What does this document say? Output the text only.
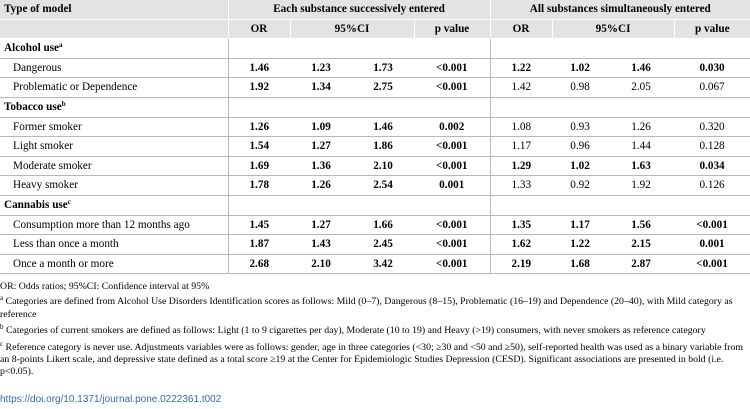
Type of model	Each substance successively entered				All substances simultaneously entered			
	OR	95%CI		p value	OR	95%CI		p value
Alcohol use$^a$								
Dangerous	1.46	1.23	1.73	<0.001	1.22	1.02	1.46	0.030
Problematic or Dependence	1.92	1.34	2.75	<0.001	1.42	0.98	2.05	0.067
Tobacco use$^b$								
Former smoker	1.26	1.09	1.46	0.002	1.08	0.93	1.26	0.320
Light smoker	1.54	1.27	1.86	<0.001	1.17	0.96	1.44	0.128
Moderate smoker	1.69	1.36	2.10	<0.001	1.29	1.02	1.63	0.034
Heavy smoker	1.78	1.26	2.54	0.001	1.33	0.92	1.92	0.126
Cannabis use$^c$								
Consumption more than 12 months ago	1.45	1.27	1.66	<0.001	1.35	1.17	1.56	<0.001
Less than once a month	1.87	1.43	2.45	<0.001	1.62	1.22	2.15	0.001
Once a month or more	2.68	2.10	3.42	<0.001	2.19	1.68	2.87	<0.001

OR: Odds ratios; 95%CI: Confidence interval at 95%

$^a$ Categories are defined from Alcohol Use Disorders Identification scores as follows: Mild (0–7), Dangerous (8–15), Problematic (16–19) and Dependence (20–40), with Mild category as reference

$^b$ Categories of current smokers are defined as follows: Light (1 to 9 cigarettes per day), Moderate (10 to 19) and Heavy (>19) consumers, with never smokers as reference category

$^c$ Reference category is never use. Adjustments variables were as follows: gender, age in three categories (<30; ≥30 and <50 and ≥50), self-reported health was used as a binary variable from an 8-points Likert scale, and depressive state defined as a total score ≥19 at the Center for Epidemiologic Studies Depression (CESD). Significant associations are presented in bold (i.e. p<0.05).

https://doi.org/10.1371/journal.pone.0222361.t002
